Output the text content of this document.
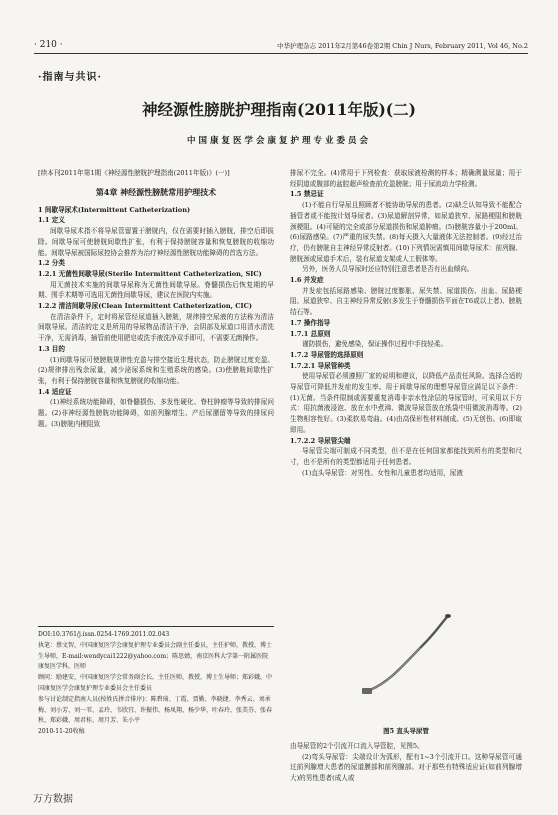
· 210 ·	中华护理杂志 2011年2月第46卷第2期 Chin J Nurs, February 2011, Vol 46, No.2
·指南与共识·
神经源性膀胱护理指南(2011年版)(二)
中国康复医学会康复护理专业委员会

[续本刊2011年第1期《神经源性膀胱护理指南(2011年版)》(一)]

第4章 神经源性膀胱常用护理技术

1 间歇导尿术(Intermittent Catheterization)

1.1 定义

间歇导尿术指不将导尿管留置于膀胱内，仅在需要时插入膀胱，排空后即拔除。间歇导尿可使膀胱间歇性扩张，有利于保持膀胱容量和恢复膀胱的收缩功能。间歇导尿被国际尿控协会推荐为治疗神经源性膀胱功能障碍的首选方法。

1.2 分类

1.2.1 无菌性间歇导尿(Sterile Intermittent Catheterization, SIC)

用无菌技术实施的间歇导尿称为无菌性间歇导尿。脊髓损伤后恢复期的早期、围手术期等可选用无菌性间歇导尿，建议在医院内实施。

1.2.2 清洁间歇导尿(Clean Intermittent Catheterization, CIC)

在清洁条件下，定时将尿管经尿道插入膀胱，规律排空尿液的方法称为清洁间歇导尿。清洁的定义是所用的导尿物品清洁干净，会阴部及尿道口用清水清洗干净，无需消毒，插管前使用肥皂或洗手液洗净双手即可，不需要无菌操作。

1.3 目的

(1)间歇导尿可使膀胱规律性充盈与排空接近生理状态，防止膀胱过度充盈。(2)规律排出残余尿量，减少泌尿系统和生殖系统的感染。(3)使膀胱间歇性扩张，有利于保持膀胱容量和恢复膀胱的收缩功能。

1.4 适应证

(1)神经系统功能障碍，如脊髓损伤、多发性硬化、脊柱肿瘤等导致的排尿问题。(2)非神经源性膀胱功能障碍，如前列腺增生、产后尿潴留等导致的排尿问题。(3)膀胱内梗阻致

排尿不完全。(4)常用于下列检查：获取尿液检测的样本；精确测量尿量；用于经阴道或腹部的盆腔超声检查前充盈膀胱；用于尿流动力学检测。

1.5 禁忌证

(1)不能自行导尿且照顾者不能协助导尿的患者。(2)缺乏认知导致不能配合插管者或不能按计划导尿者。(3)尿道解剖异常，如尿道狭窄、尿路梗阻和膀胱颈梗阻。(4)可疑的完全或部分尿道损伤和尿道肿瘤。(5)膀胱容量小于200ml。(6)尿路感染。(7)严重的尿失禁。(8)每天摄入大量液体无法控制者。(9)经过治疗，仍有膀胱自主神经异常反射者。(10)下列情况需慎用间歇导尿术：前列腺、膀胱颈或尿道手术后，装有尿道支架或人工假体等。

另外，医务人员导尿时还应特别注意患者是否有出血倾向。

1.6 并发症

并发症包括尿路感染、膀胱过度膨胀、尿失禁、尿道损伤、出血、尿路梗阻、尿道狭窄、自主神经异常反射(多发生于脊髓损伤平面在T6或以上者)、膀胱结石等。

1.7 操作指导

1.7.1 总原则

谨防损伤，避免感染，保证操作过程中手技轻柔。

1.7.2 导尿管的选择原则

1.7.2.1 导尿管种类

使用导尿管必须遵照厂家的说明和建议，以降低产品责任风险。选择合适的导尿管可降低并发症的发生率。用于间歇导尿的理想导尿管应满足以下条件：(1)无菌。当条件限制或需要重复消毒非亲水性涂层的导尿管时，可采用以下方式：用抗菌液浸泡、放在水中煮沸、微波导尿管放在纸袋中用微波消毒等。(2)生物相容性好。(3)柔软易弯曲。(4)由高保形性材料制成。(5)无创伤。(6)即取即用。

1.7.2.2 导尿管尖端

导尿管尖端可制成不同类型，但不是在任何国家都能找到所有的类型和尺寸，也不是所有的类型都适用于任何患者。

(1)直头导尿管：对男性、女性和儿童患者均适用，尿液

DOI:10.3761/j.issn.0254-1769.2011.02.043

执笔：蔡文智，中国康复医学会康复护理专业委员会副主任委员，主任护师，教授，博士生导师，E-mail:wendycai1222@yahoo.com；陈思婧，南京医科大学第一附属医院康复医学科，医师

顾问：励建安，中国康复医学会常务副会长，主任医师，教授，博士生导师；郑彩娥，中国康复医学会康复护理专业委员会主任委员

参与讨论制定指南人员(按姓氏拼音排序)：陈碧琦、丁霞、贾勤、李晓捷、李秀云、刘承梅、刘小芳、刘一苇、孟玲、韦欣宜、许振伟、杨凤翔、杨少华、叶春玲、张美芬、张春秋、郑彩娥、周君桂、周月芳、朱小平

2010-11-20收稿	图5 直头导尿管

由导尿管的2个引流开口流入导管腔，见图5。

(2)弯头导尿管：尖端设计为弧形，配有1~3个引流开口。这种导尿管可通过前列腺增大患者的尿道膜部和前列腺部。对于那些有特殊适应证(如前列腺增大)的男性患者(成人或

万方数据
